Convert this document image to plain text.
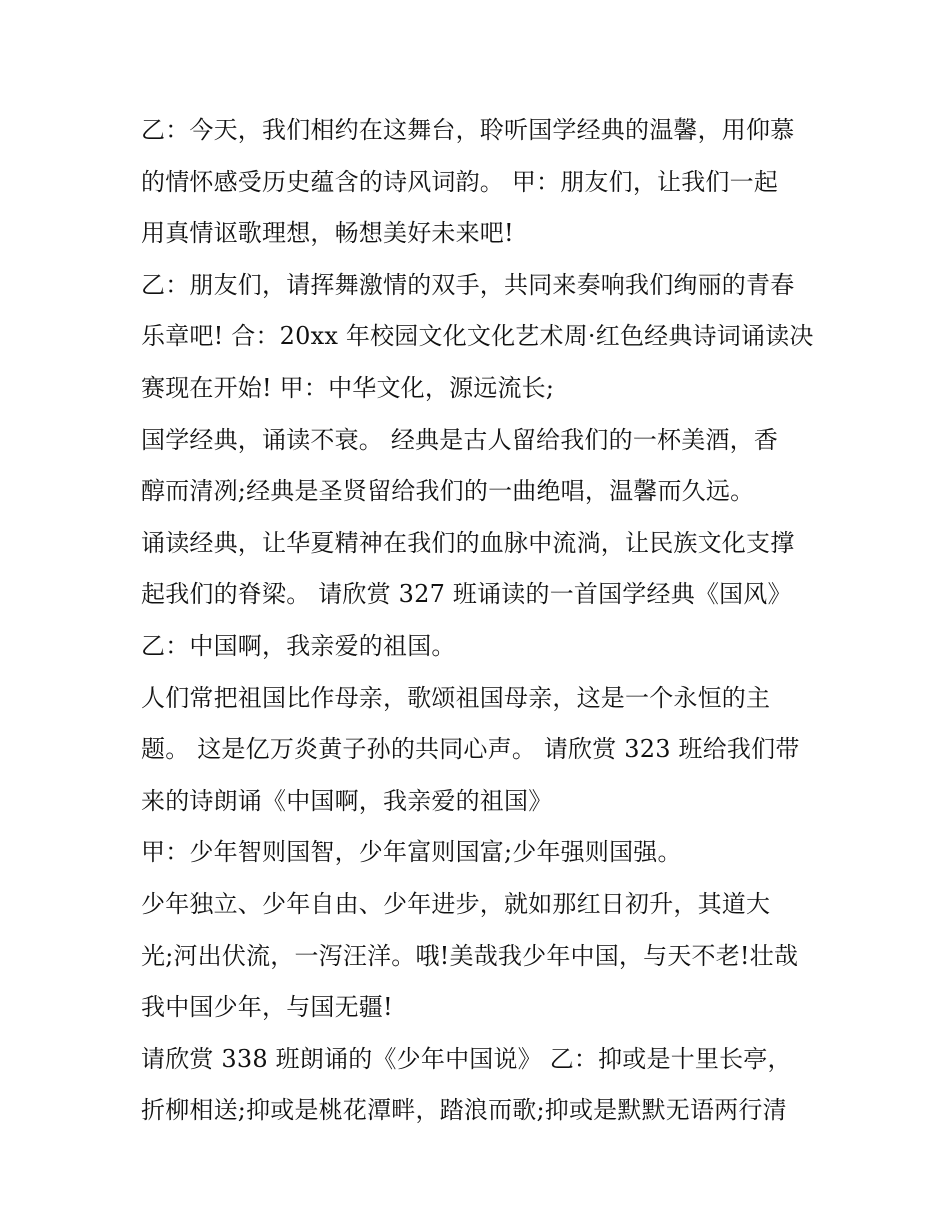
乙：今天，我们相约在这舞台，聆听国学经典的温馨，用仰慕
的情怀感受历史蕴含的诗风词韵。 甲：朋友们，让我们一起
用真情讴歌理想，畅想美好未来吧!
乙：朋友们，请挥舞激情的双手，共同来奏响我们绚丽的青春
乐章吧! 合：20xx 年校园文化文化艺术周·红色经典诗词诵读决
赛现在开始! 甲：中华文化，源远流长;
国学经典，诵读不衰。 经典是古人留给我们的一杯美酒，香
醇而清冽;经典是圣贤留给我们的一曲绝唱，温馨而久远。
诵读经典，让华夏精神在我们的血脉中流淌，让民族文化支撑
起我们的脊梁。 请欣赏 327 班诵读的一首国学经典《国风》
乙：中国啊，我亲爱的祖国。
人们常把祖国比作母亲，歌颂祖国母亲，这是一个永恒的主
题。 这是亿万炎黄子孙的共同心声。 请欣赏 323 班给我们带
来的诗朗诵《中国啊，我亲爱的祖国》
甲：少年智则国智，少年富则国富;少年强则国强。
少年独立、少年自由、少年进步，就如那红日初升，其道大
光;河出伏流，一泻汪洋。哦!美哉我少年中国，与天不老!壮哉
我中国少年，与国无疆!
请欣赏 338 班朗诵的《少年中国说》 乙：抑或是十里长亭，
折柳相送;抑或是桃花潭畔，踏浪而歌;抑或是默默无语两行清
